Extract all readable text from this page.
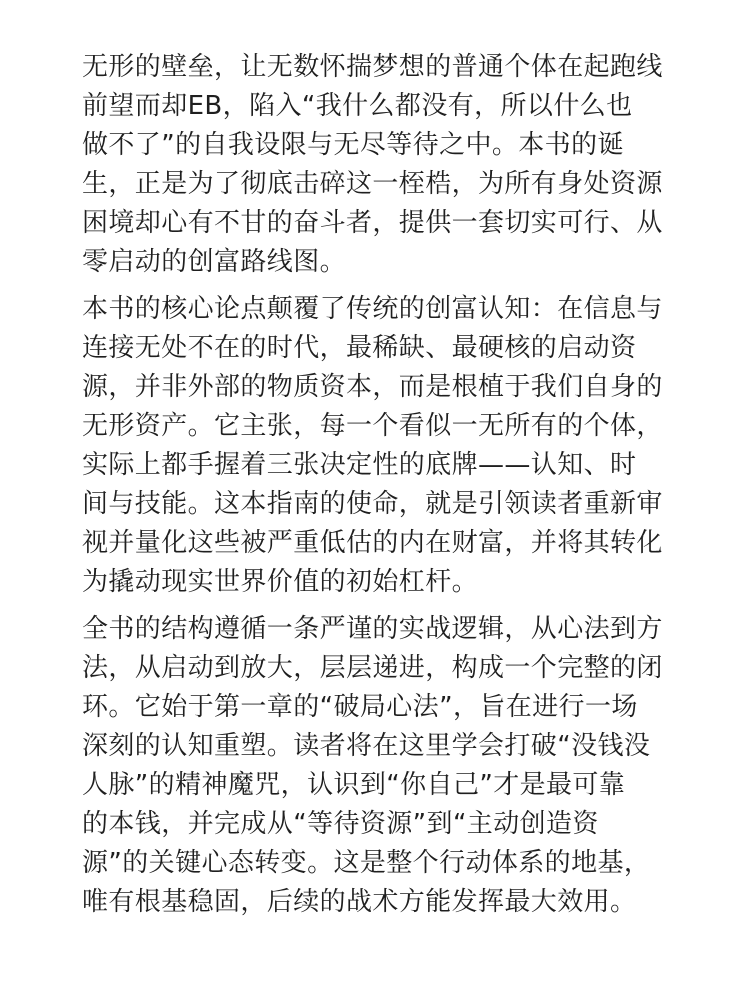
无形的壁垒，让无数怀揣梦想的普通个体在起跑线
前望而却EB，陷入“我什么都没有，所以什么也
做不了”的自我设限与无尽等待之中。本书的诞
生，正是为了彻底击碎这一桎梏，为所有身处资源
困境却心有不甘的奋斗者，提供一套切实可行、从
零启动的创富路线图。
本书的核心论点颠覆了传统的创富认知：在信息与
连接无处不在的时代，最稀缺、最硬核的启动资
源，并非外部的物质资本，而是根植于我们自身的
无形资产。它主张，每一个看似一无所有的个体，
实际上都手握着三张决定性的底牌——认知、时
间与技能。这本指南的使命，就是引领读者重新审
视并量化这些被严重低估的内在财富，并将其转化
为撬动现实世界价值的初始杠杆。
全书的结构遵循一条严谨的实战逻辑，从心法到方
法，从启动到放大，层层递进，构成一个完整的闭
环。它始于第一章的“破局心法”，旨在进行一场
深刻的认知重塑。读者将在这里学会打破“没钱没
人脉”的精神魔咒，认识到“你自己”才是最可靠
的本钱，并完成从“等待资源”到“主动创造资
源”的关键心态转变。这是整个行动体系的地基，
唯有根基稳固，后续的战术方能发挥最大效用。
